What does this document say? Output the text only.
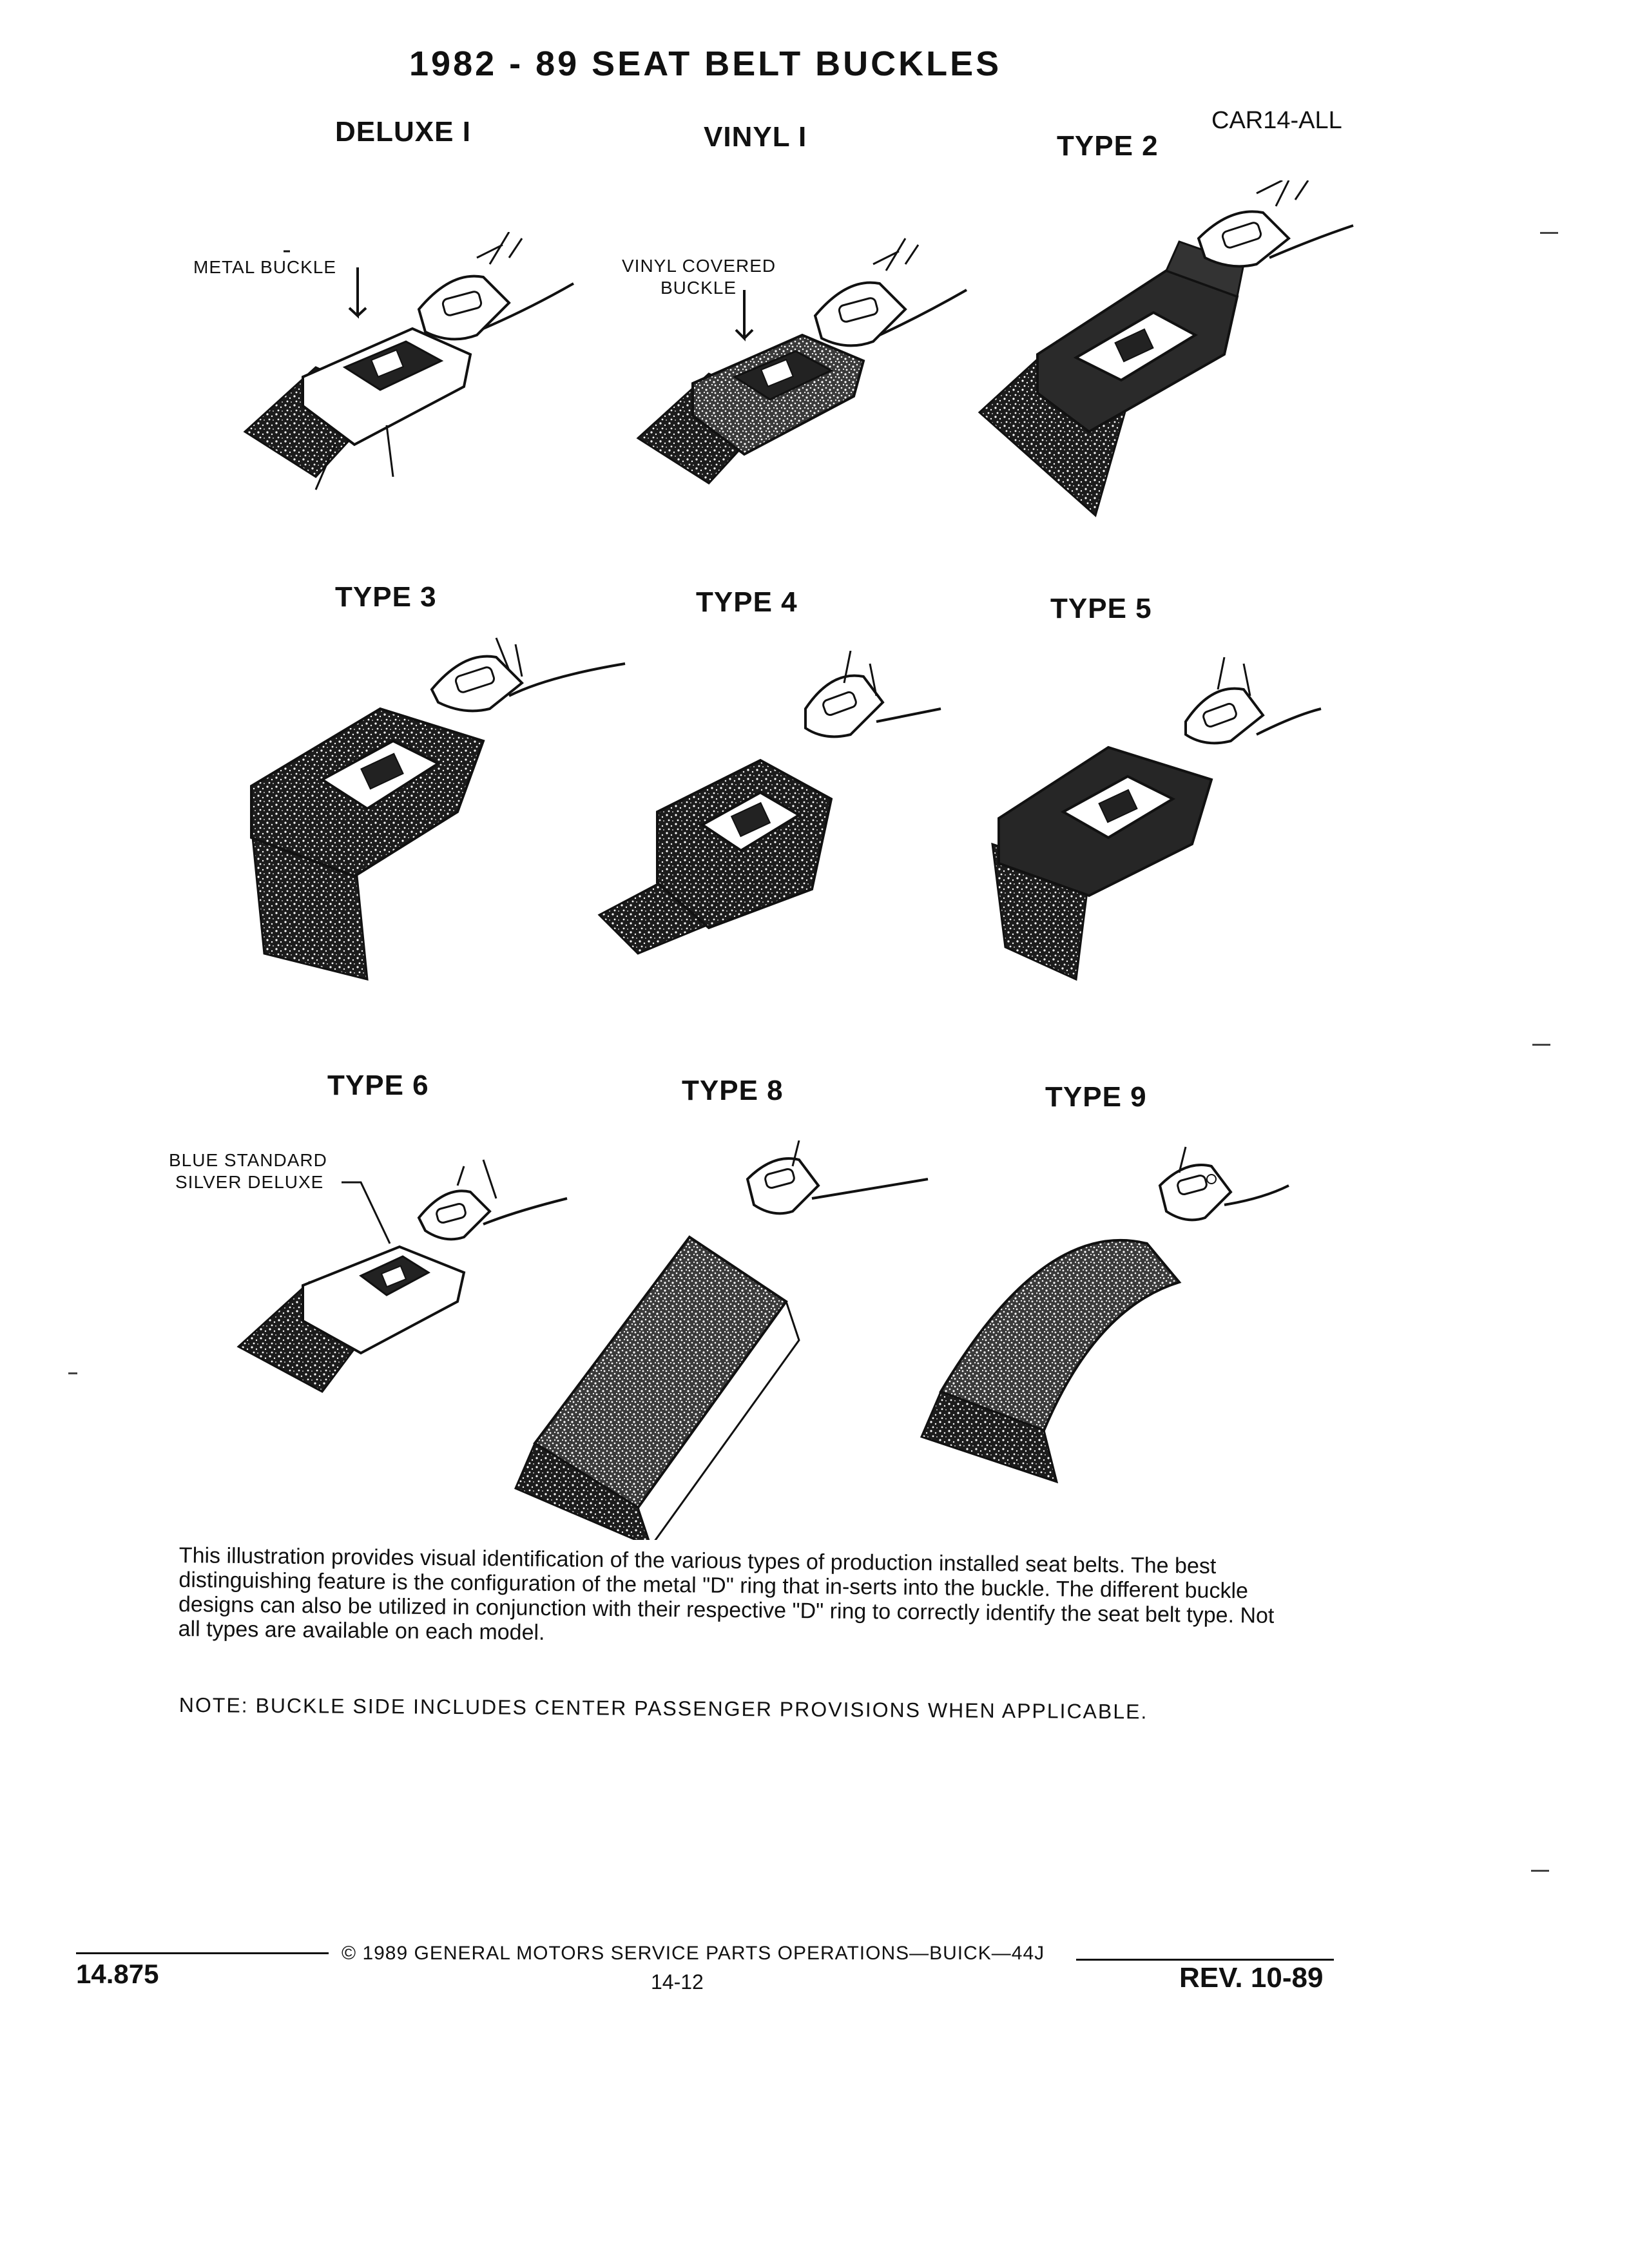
1982 - 89 SEAT BELT BUCKLES
CAR14-ALL
DELUXE I	VINYL I	TYPE 2
METAL BUCKLE	VINYL COVERED
BUCKLE
TYPE 3	TYPE 4	TYPE 5
TYPE 6	TYPE 8	TYPE 9
BLUE STANDARD
SILVER DELUXE
This illustration provides visual identification of the various types of production installed seat belts. The best distinguishing feature is the configuration of the metal "D" ring that in-serts into the buckle. The different buckle designs can also be utilized in conjunction with their respective "D" ring to correctly identify the seat belt type. Not all types are available on each model.
NOTE: BUCKLE SIDE INCLUDES CENTER PASSENGER PROVISIONS WHEN APPLICABLE.
© 1989 GENERAL MOTORS SERVICE PARTS OPERATIONS—BUICK—44J
14.875	14-12	REV. 10-89
